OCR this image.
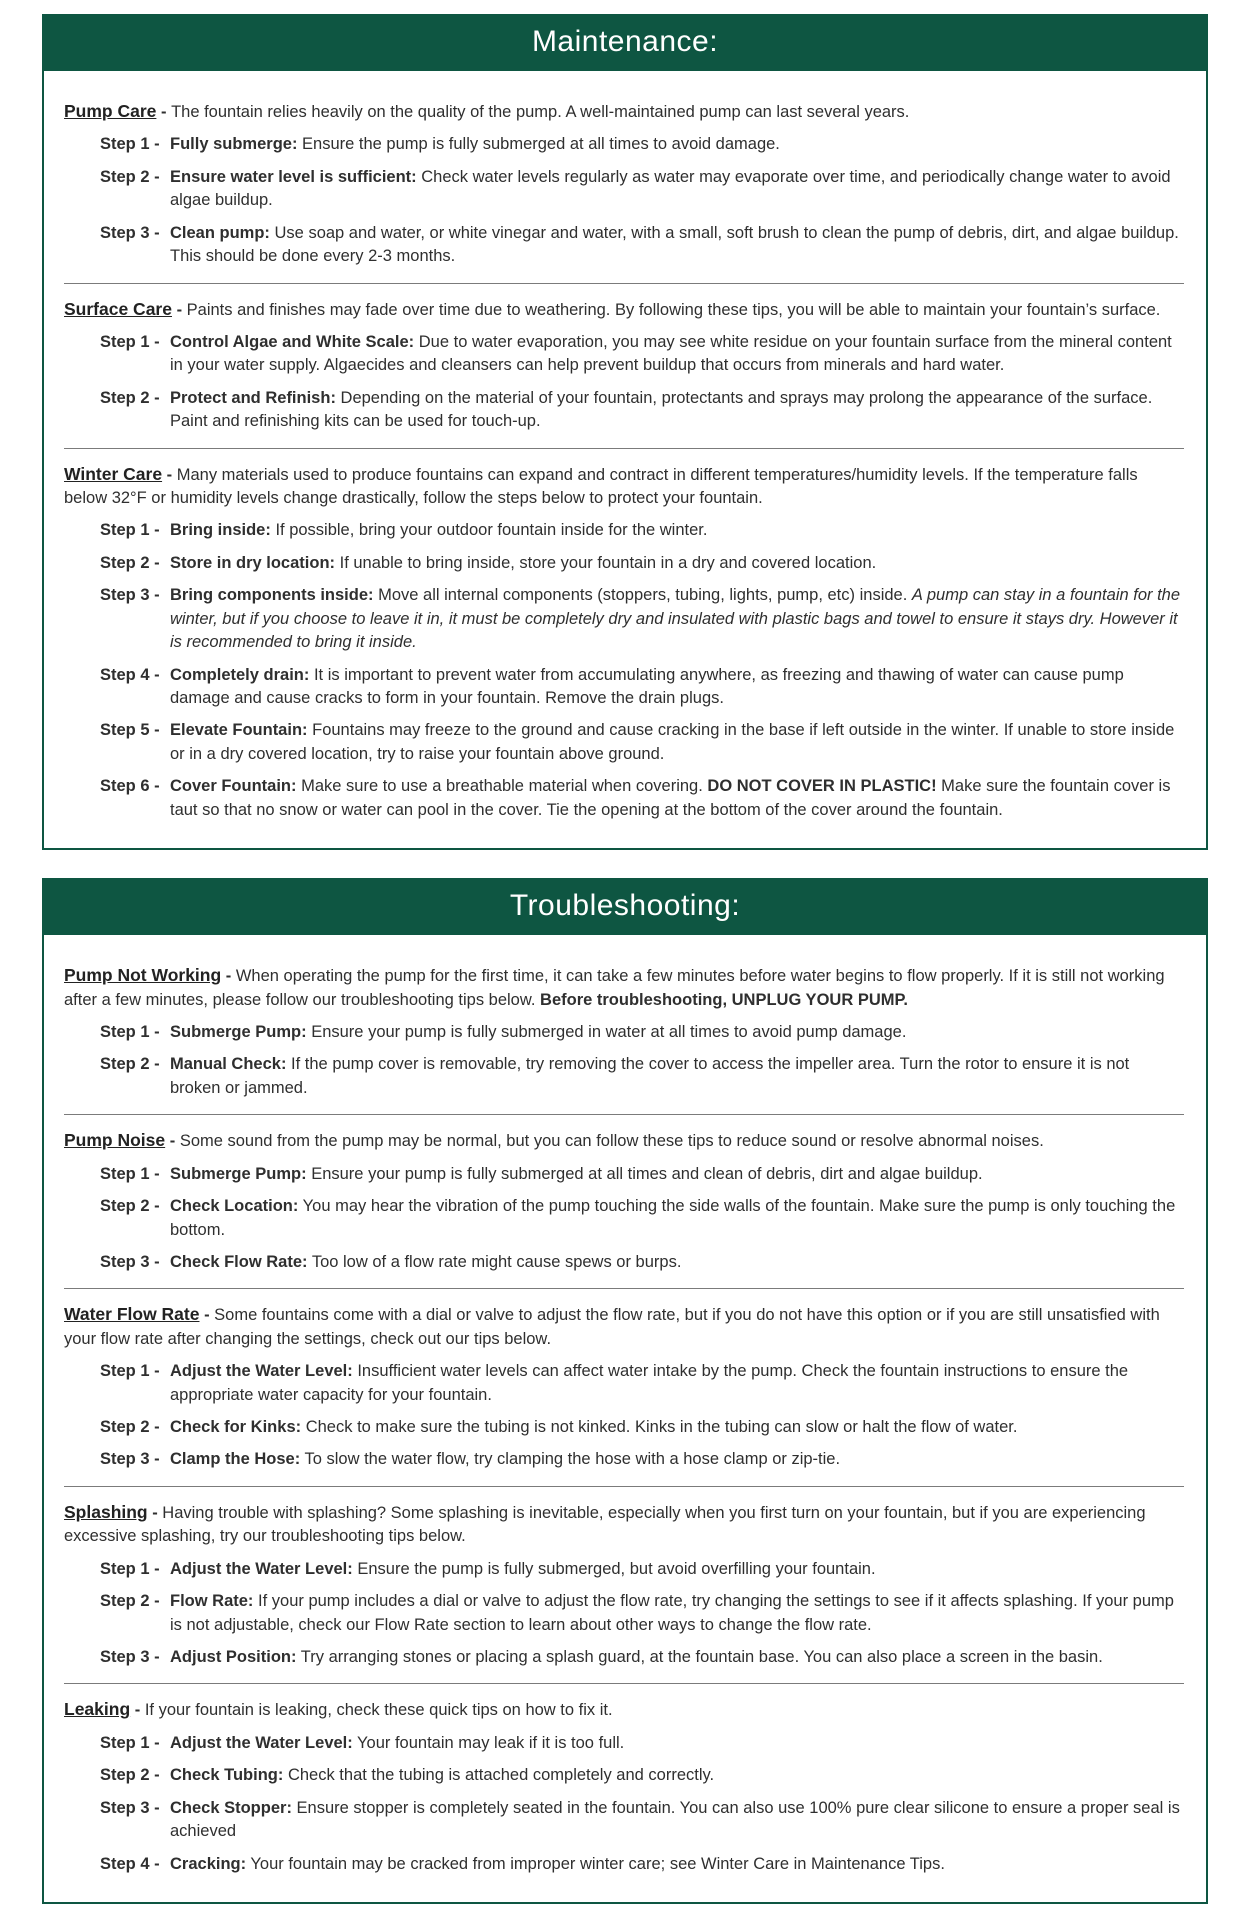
Maintenance:

Pump Care - The fountain relies heavily on the quality of the pump. A well-maintained pump can last several years.

Step 1 - Fully submerge: Ensure the pump is fully submerged at all times to avoid damage.
Step 2 - Ensure water level is sufficient: Check water levels regularly as water may evaporate over time, and periodically change water to avoid algae buildup.
Step 3 - Clean pump: Use soap and water, or white vinegar and water, with a small, soft brush to clean the pump of debris, dirt, and algae buildup. This should be done every 2-3 months.

Surface Care - Paints and finishes may fade over time due to weathering. By following these tips, you will be able to maintain your fountain’s surface.

Step 1 - Control Algae and White Scale: Due to water evaporation, you may see white residue on your fountain surface from the mineral content in your water supply. Algaecides and cleansers can help prevent buildup that occurs from minerals and hard water.
Step 2 - Protect and Refinish: Depending on the material of your fountain, protectants and sprays may prolong the appearance of the surface. Paint and refinishing kits can be used for touch-up.

Winter Care - Many materials used to produce fountains can expand and contract in different temperatures/humidity levels. If the temperature falls below 32°F or humidity levels change drastically, follow the steps below to protect your fountain.

Step 1 - Bring inside: If possible, bring your outdoor fountain inside for the winter.
Step 2 - Store in dry location: If unable to bring inside, store your fountain in a dry and covered location.
Step 3 - Bring components inside: Move all internal components (stoppers, tubing, lights, pump, etc) inside. A pump can stay in a fountain for the winter, but if you choose to leave it in, it must be completely dry and insulated with plastic bags and towel to ensure it stays dry. However it is recommended to bring it inside.
Step 4 - Completely drain: It is important to prevent water from accumulating anywhere, as freezing and thawing of water can cause pump damage and cause cracks to form in your fountain. Remove the drain plugs.
Step 5 - Elevate Fountain: Fountains may freeze to the ground and cause cracking in the base if left outside in the winter. If unable to store inside or in a dry covered location, try to raise your fountain above ground.
Step 6 - Cover Fountain: Make sure to use a breathable material when covering. DO NOT COVER IN PLASTIC! Make sure the fountain cover is taut so that no snow or water can pool in the cover. Tie the opening at the bottom of the cover around the fountain.
Troubleshooting:

Pump Not Working - When operating the pump for the first time, it can take a few minutes before water begins to flow properly. If it is still not working after a few minutes, please follow our troubleshooting tips below. Before troubleshooting, UNPLUG YOUR PUMP.

Step 1 - Submerge Pump: Ensure your pump is fully submerged in water at all times to avoid pump damage.
Step 2 - Manual Check: If the pump cover is removable, try removing the cover to access the impeller area. Turn the rotor to ensure it is not broken or jammed.

Pump Noise - Some sound from the pump may be normal, but you can follow these tips to reduce sound or resolve abnormal noises.

Step 1 - Submerge Pump: Ensure your pump is fully submerged at all times and clean of debris, dirt and algae buildup.
Step 2 - Check Location: You may hear the vibration of the pump touching the side walls of the fountain. Make sure the pump is only touching the bottom.
Step 3 - Check Flow Rate: Too low of a flow rate might cause spews or burps.

Water Flow Rate - Some fountains come with a dial or valve to adjust the flow rate, but if you do not have this option or if you are still unsatisfied with your flow rate after changing the settings, check out our tips below.

Step 1 - Adjust the Water Level: Insufficient water levels can affect water intake by the pump. Check the fountain instructions to ensure the appropriate water capacity for your fountain.
Step 2 - Check for Kinks: Check to make sure the tubing is not kinked. Kinks in the tubing can slow or halt the flow of water.
Step 3 - Clamp the Hose: To slow the water flow, try clamping the hose with a hose clamp or zip-tie.

Splashing - Having trouble with splashing? Some splashing is inevitable, especially when you first turn on your fountain, but if you are experiencing excessive splashing, try our troubleshooting tips below.

Step 1 - Adjust the Water Level: Ensure the pump is fully submerged, but avoid overfilling your fountain.
Step 2 - Flow Rate: If your pump includes a dial or valve to adjust the flow rate, try changing the settings to see if it affects splashing. If your pump is not adjustable, check our Flow Rate section to learn about other ways to change the flow rate.
Step 3 - Adjust Position: Try arranging stones or placing a splash guard, at the fountain base. You can also place a screen in the basin.

Leaking - If your fountain is leaking, check these quick tips on how to fix it.

Step 1 - Adjust the Water Level: Your fountain may leak if it is too full.
Step 2 - Check Tubing: Check that the tubing is attached completely and correctly.
Step 3 - Check Stopper: Ensure stopper is completely seated in the fountain. You can also use 100% pure clear silicone to ensure a proper seal is achieved
Step 4 - Cracking: Your fountain may be cracked from improper winter care; see Winter Care in Maintenance Tips.
